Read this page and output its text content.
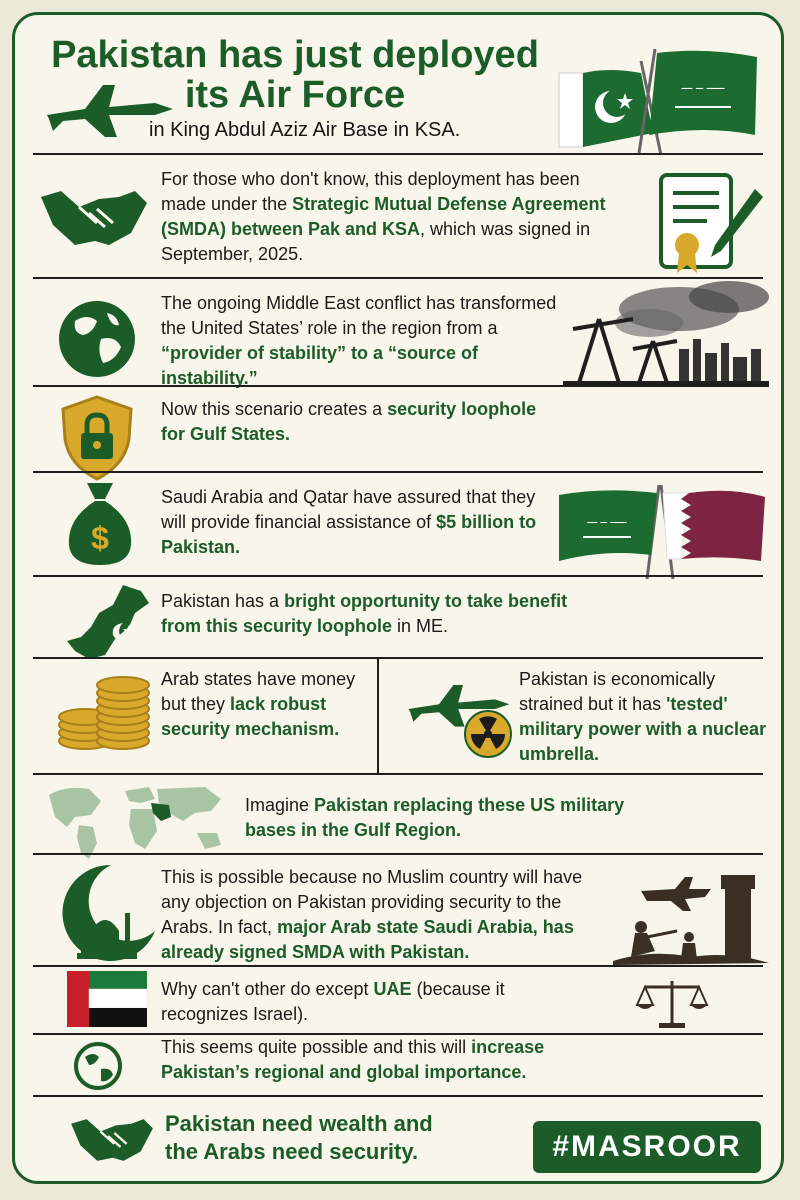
Pakistan has just deployed
its Air Force
in King Abdul Aziz Air Base in KSA.
ـــــ ــ ـــ
For those who don't know, this deployment has been made under the Strategic Mutual Defense Agreement (SMDA) between Pak and KSA, which was signed in September, 2025.
The ongoing Middle East conflict has transformed the United States’ role in the region from a “provider of stability” to a “source of instability.”
Now this scenario creates a security loophole for Gulf States.
$
Saudi Arabia and Qatar have assured that they will provide financial assistance of $5 billion to Pakistan.
ـــــ ــ ـــ
Pakistan has a bright opportunity to take benefit from this security loophole in ME.
Arab states have money but they lack robust security mechanism.
Pakistan is economically strained but it has 'tested' military power with a nuclear umbrella.
Imagine Pakistan replacing these US military bases in the Gulf Region.
This is possible because no Muslim country will have any objection on Pakistan providing security to the Arabs. In fact, major Arab state Saudi Arabia, has already signed SMDA with Pakistan.
Why can't other do except UAE (because it recognizes Israel).
This seems quite possible and this will increase Pakistan’s regional and global importance.
Pakistan need wealth and
the Arabs need security.	#MASROOR
